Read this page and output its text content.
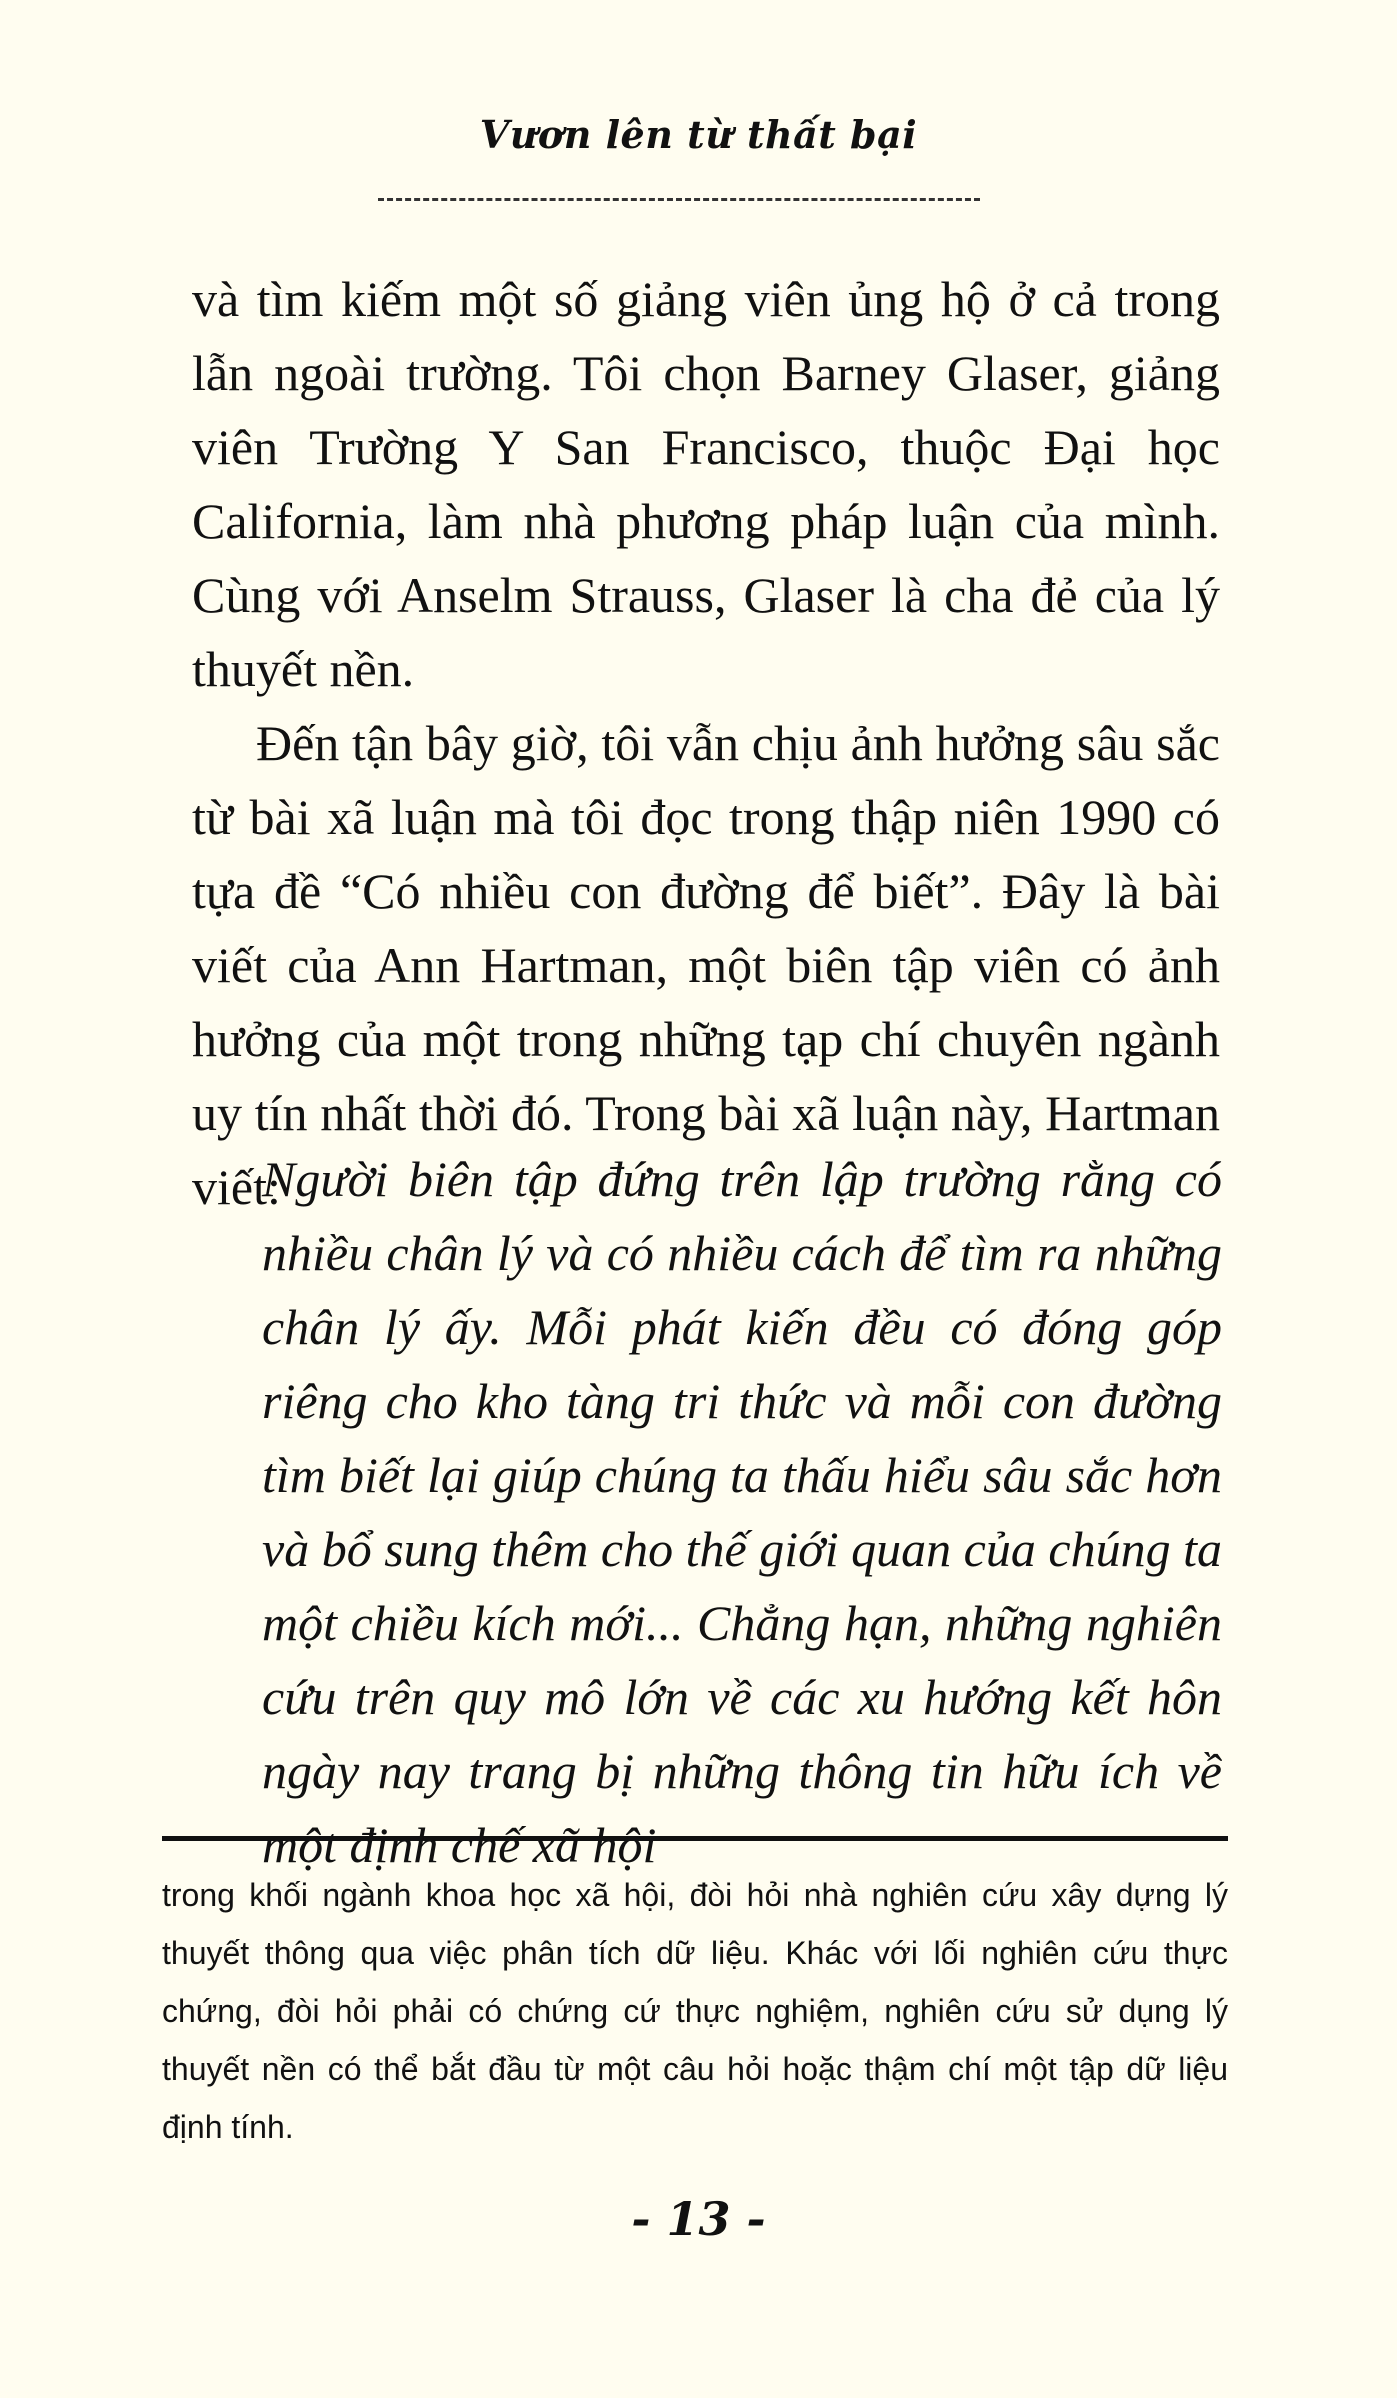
Vươn lên từ thất bại

và tìm kiếm một số giảng viên ủng hộ ở cả trong lẫn ngoài trường. Tôi chọn Barney Glaser, giảng viên Trường Y San Francisco, thuộc Đại học California, làm nhà phương pháp luận của mình. Cùng với Anselm Strauss, Glaser là cha đẻ của lý thuyết nền.

Đến tận bây giờ, tôi vẫn chịu ảnh hưởng sâu sắc từ bài xã luận mà tôi đọc trong thập niên 1990 có tựa đề “Có nhiều con đường để biết”. Đây là bài viết của Ann Hartman, một biên tập viên có ảnh hưởng của một trong những tạp chí chuyên ngành uy tín nhất thời đó. Trong bài xã luận này, Hartman viết:

Người biên tập đứng trên lập trường rằng có nhiều chân lý và có nhiều cách để tìm ra những chân lý ấy. Mỗi phát kiến đều có đóng góp riêng cho kho tàng tri thức và mỗi con đường tìm biết lại giúp chúng ta thấu hiểu sâu sắc hơn và bổ sung thêm cho thế giới quan của chúng ta một chiều kích mới... Chẳng hạn, những nghiên cứu trên quy mô lớn về các xu hướng kết hôn ngày nay trang bị những thông tin hữu ích về một định chế xã hội

trong khối ngành khoa học xã hội, đòi hỏi nhà nghiên cứu xây dựng lý thuyết thông qua việc phân tích dữ liệu. Khác với lối nghiên cứu thực chứng, đòi hỏi phải có chứng cứ thực nghiệm, nghiên cứu sử dụng lý thuyết nền có thể bắt đầu từ một câu hỏi hoặc thậm chí một tập dữ liệu định tính.

- 13 -
